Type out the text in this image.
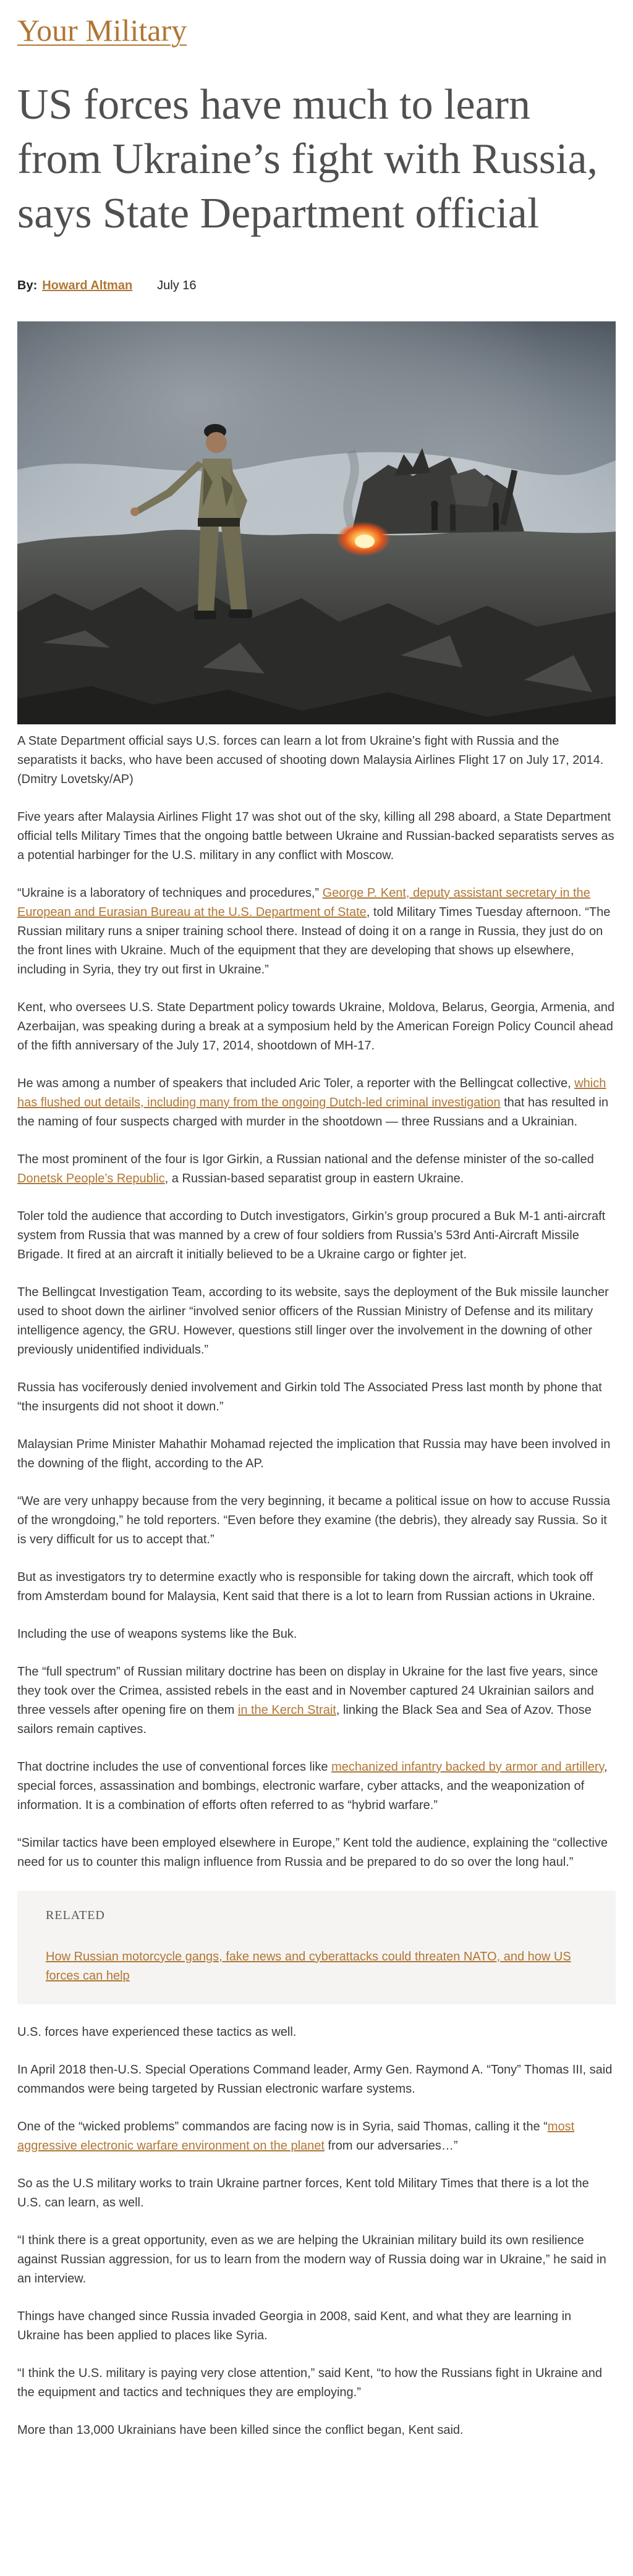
Your Military
US forces have much to learn from Ukraine’s fight with Russia, says State Department official
By: Howard Altman July 16

A State Department official says U.S. forces can learn a lot from Ukraine’s fight with Russia and the separatists it backs, who have been accused of shooting down Malaysia Airlines Flight 17 on July 17, 2014. (Dmitry Lovetsky/AP)

Five years after Malaysia Airlines Flight 17 was shot out of the sky, killing all 298 aboard, a State Department official tells Military Times that the ongoing battle between Ukraine and Russian-backed separatists serves as a potential harbinger for the U.S. military in any conflict with Moscow.

“Ukraine is a laboratory of techniques and procedures,” George P. Kent, deputy assistant secretary in the European and Eurasian Bureau at the U.S. Department of State, told Military Times Tuesday afternoon. “The Russian military runs a sniper training school there. Instead of doing it on a range in Russia, they just do on the front lines with Ukraine. Much of the equipment that they are developing that shows up elsewhere, including in Syria, they try out first in Ukraine.”

Kent, who oversees U.S. State Department policy towards Ukraine, Moldova, Belarus, Georgia, Armenia, and Azerbaijan, was speaking during a break at a symposium held by the American Foreign Policy Council ahead of the fifth anniversary of the July 17, 2014, shootdown of MH-17.

He was among a number of speakers that included Aric Toler, a reporter with the Bellingcat collective, which has flushed out details, including many from the ongoing Dutch-led criminal investigation that has resulted in the naming of four suspects charged with murder in the shootdown — three Russians and a Ukrainian.

The most prominent of the four is Igor Girkin, a Russian national and the defense minister of the so-called Donetsk People’s Republic, a Russian-based separatist group in eastern Ukraine.

Toler told the audience that according to Dutch investigators, Girkin’s group procured a Buk M-1 anti-aircraft system from Russia that was manned by a crew of four soldiers from Russia’s 53rd Anti-Aircraft Missile Brigade. It fired at an aircraft it initially believed to be a Ukraine cargo or fighter jet.

The Bellingcat Investigation Team, according to its website, says the deployment of the Buk missile launcher used to shoot down the airliner “involved senior officers of the Russian Ministry of Defense and its military intelligence agency, the GRU. However, questions still linger over the involvement in the downing of other previously unidentified individuals.”

Russia has vociferously denied involvement and Girkin told The Associated Press last month by phone that “the insurgents did not shoot it down.”

Malaysian Prime Minister Mahathir Mohamad rejected the implication that Russia may have been involved in the downing of the flight, according to the AP.

“We are very unhappy because from the very beginning, it became a political issue on how to accuse Russia of the wrongdoing,” he told reporters. “Even before they examine (the debris), they already say Russia. So it is very difficult for us to accept that.”

But as investigators try to determine exactly who is responsible for taking down the aircraft, which took off from Amsterdam bound for Malaysia, Kent said that there is a lot to learn from Russian actions in Ukraine.

Including the use of weapons systems like the Buk.

The “full spectrum” of Russian military doctrine has been on display in Ukraine for the last five years, since they took over the Crimea, assisted rebels in the east and in November captured 24 Ukrainian sailors and three vessels after opening fire on them in the Kerch Strait, linking the Black Sea and Sea of Azov. Those sailors remain captives.

That doctrine includes the use of conventional forces like mechanized infantry backed by armor and artillery, special forces, assassination and bombings, electronic warfare, cyber attacks, and the weaponization of information. It is a combination of efforts often referred to as “hybrid warfare.”

“Similar tactics have been employed elsewhere in Europe,” Kent told the audience, explaining the “collective need for us to counter this malign influence from Russia and be prepared to do so over the long haul.”

RELATED
How Russian motorcycle gangs, fake news and cyberattacks could threaten NATO, and how US forces can help

U.S. forces have experienced these tactics as well.

In April 2018 then-U.S. Special Operations Command leader, Army Gen. Raymond A. “Tony” Thomas III, said commandos were being targeted by Russian electronic warfare systems.

One of the “wicked problems” commandos are facing now is in Syria, said Thomas, calling it the “most aggressive electronic warfare environment on the planet from our adversaries…”

So as the U.S military works to train Ukraine partner forces, Kent told Military Times that there is a lot the U.S. can learn, as well.

“I think there is a great opportunity, even as we are helping the Ukrainian military build its own resilience against Russian aggression, for us to learn from the modern way of Russia doing war in Ukraine,” he said in an interview.

Things have changed since Russia invaded Georgia in 2008, said Kent, and what they are learning in Ukraine has been applied to places like Syria.

“I think the U.S. military is paying very close attention,” said Kent, “to how the Russians fight in Ukraine and the equipment and tactics and techniques they are employing.”

More than 13,000 Ukrainians have been killed since the conflict began, Kent said.
